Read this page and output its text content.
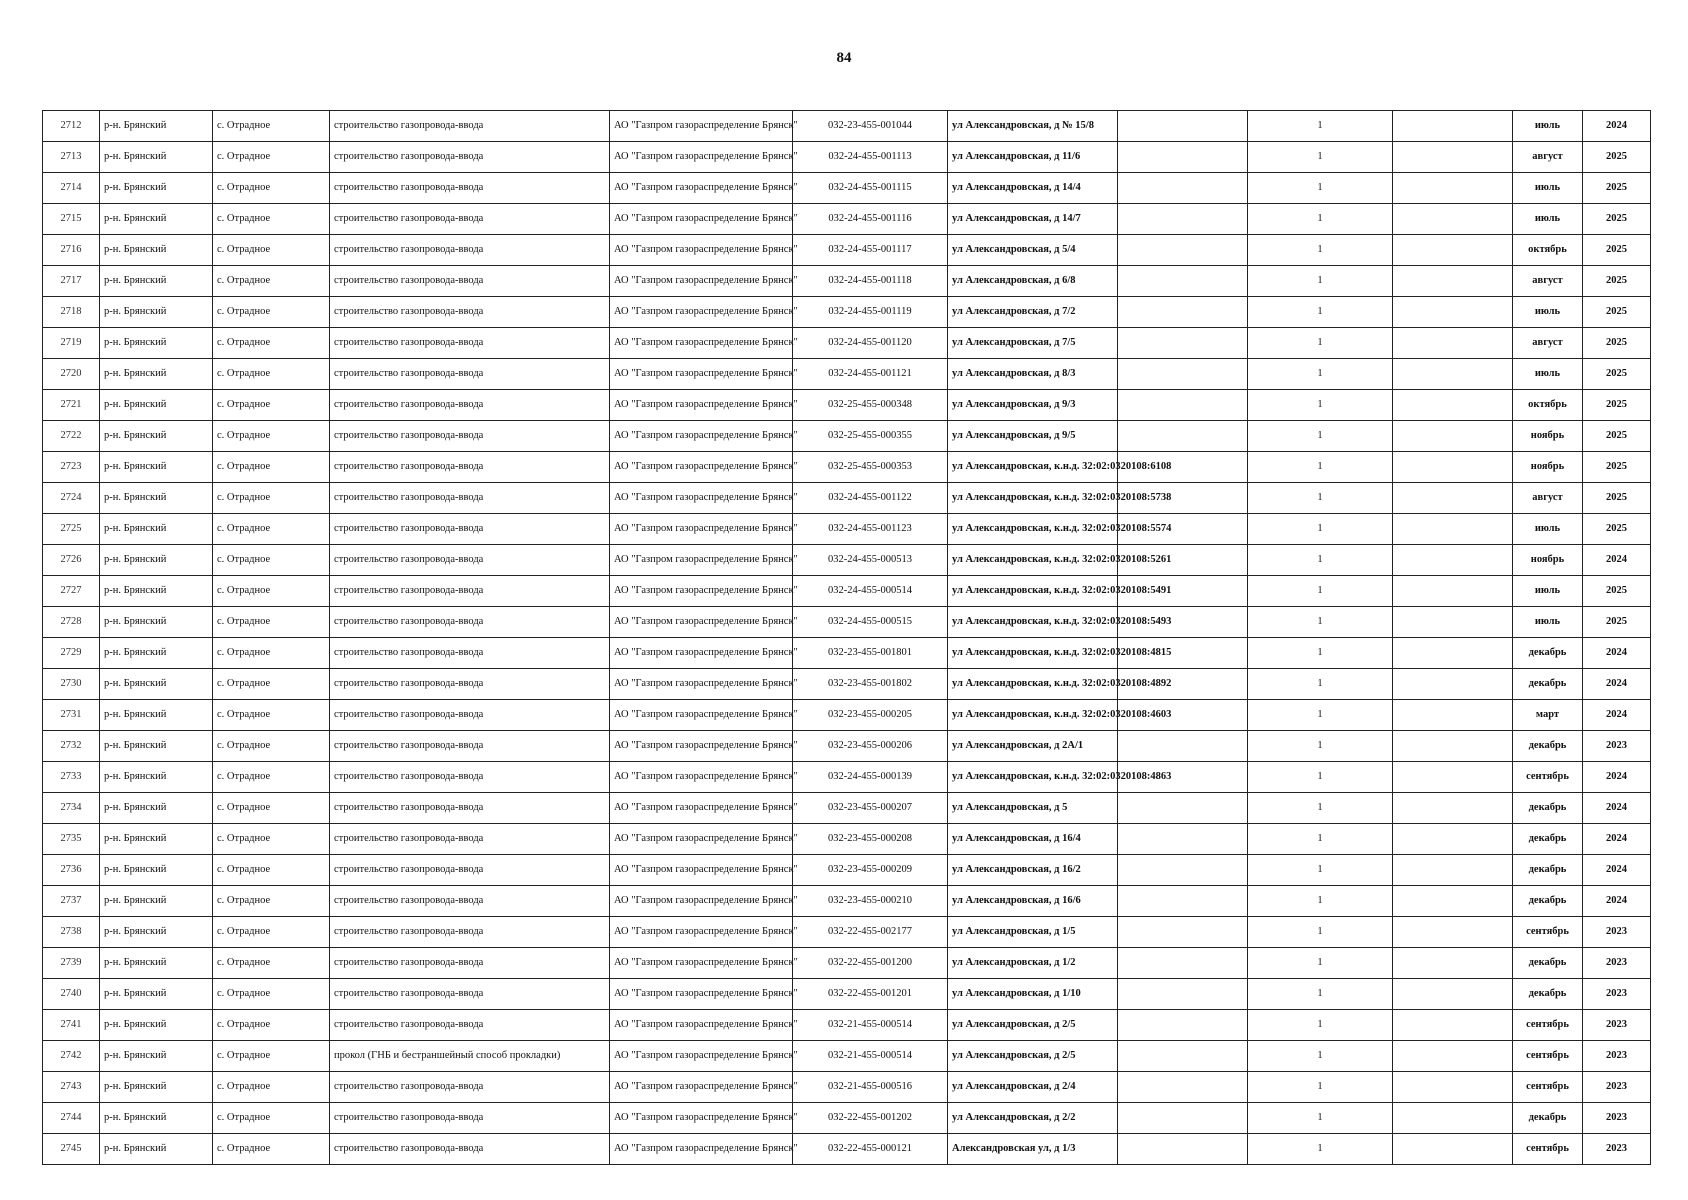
84
2712	р-н. Брянский	с. Отрадное	строительство газопровода-ввода	АО "Газпром газораспределение Брянск"	032-23-455-001044	ул Александровская, д № 15/8		1		июль	2024
2713	р-н. Брянский	с. Отрадное	строительство газопровода-ввода	АО "Газпром газораспределение Брянск"	032-24-455-001113	ул Александровская, д 11/6		1		август	2025
2714	р-н. Брянский	с. Отрадное	строительство газопровода-ввода	АО "Газпром газораспределение Брянск"	032-24-455-001115	ул Александровская, д 14/4		1		июль	2025
2715	р-н. Брянский	с. Отрадное	строительство газопровода-ввода	АО "Газпром газораспределение Брянск"	032-24-455-001116	ул Александровская, д 14/7		1		июль	2025
2716	р-н. Брянский	с. Отрадное	строительство газопровода-ввода	АО "Газпром газораспределение Брянск"	032-24-455-001117	ул Александровская, д 5/4		1		октябрь	2025
2717	р-н. Брянский	с. Отрадное	строительство газопровода-ввода	АО "Газпром газораспределение Брянск"	032-24-455-001118	ул Александровская, д 6/8		1		август	2025
2718	р-н. Брянский	с. Отрадное	строительство газопровода-ввода	АО "Газпром газораспределение Брянск"	032-24-455-001119	ул Александровская, д 7/2		1		июль	2025
2719	р-н. Брянский	с. Отрадное	строительство газопровода-ввода	АО "Газпром газораспределение Брянск"	032-24-455-001120	ул Александровская, д 7/5		1		август	2025
2720	р-н. Брянский	с. Отрадное	строительство газопровода-ввода	АО "Газпром газораспределение Брянск"	032-24-455-001121	ул Александровская, д 8/3		1		июль	2025
2721	р-н. Брянский	с. Отрадное	строительство газопровода-ввода	АО "Газпром газораспределение Брянск"	032-25-455-000348	ул Александровская, д 9/3		1		октябрь	2025
2722	р-н. Брянский	с. Отрадное	строительство газопровода-ввода	АО "Газпром газораспределение Брянск"	032-25-455-000355	ул Александровская, д 9/5		1		ноябрь	2025
2723	р-н. Брянский	с. Отрадное	строительство газопровода-ввода	АО "Газпром газораспределение Брянск"	032-25-455-000353	ул Александровская, к.н.д. 32:02:0320108:6108		1		ноябрь	2025
2724	р-н. Брянский	с. Отрадное	строительство газопровода-ввода	АО "Газпром газораспределение Брянск"	032-24-455-001122	ул Александровская, к.н.д. 32:02:0320108:5738		1		август	2025
2725	р-н. Брянский	с. Отрадное	строительство газопровода-ввода	АО "Газпром газораспределение Брянск"	032-24-455-001123	ул Александровская, к.н.д. 32:02:0320108:5574		1		июль	2025
2726	р-н. Брянский	с. Отрадное	строительство газопровода-ввода	АО "Газпром газораспределение Брянск"	032-24-455-000513	ул Александровская, к.н.д. 32:02:0320108:5261		1		ноябрь	2024
2727	р-н. Брянский	с. Отрадное	строительство газопровода-ввода	АО "Газпром газораспределение Брянск"	032-24-455-000514	ул Александровская, к.н.д. 32:02:0320108:5491		1		июль	2025
2728	р-н. Брянский	с. Отрадное	строительство газопровода-ввода	АО "Газпром газораспределение Брянск"	032-24-455-000515	ул Александровская, к.н.д. 32:02:0320108:5493		1		июль	2025
2729	р-н. Брянский	с. Отрадное	строительство газопровода-ввода	АО "Газпром газораспределение Брянск"	032-23-455-001801	ул Александровская, к.н.д. 32:02:0320108:4815		1		декабрь	2024
2730	р-н. Брянский	с. Отрадное	строительство газопровода-ввода	АО "Газпром газораспределение Брянск"	032-23-455-001802	ул Александровская, к.н.д. 32:02:0320108:4892		1		декабрь	2024
2731	р-н. Брянский	с. Отрадное	строительство газопровода-ввода	АО "Газпром газораспределение Брянск"	032-23-455-000205	ул Александровская, к.н.д. 32:02:0320108:4603		1		март	2024
2732	р-н. Брянский	с. Отрадное	строительство газопровода-ввода	АО "Газпром газораспределение Брянск"	032-23-455-000206	ул Александровская, д 2А/1		1		декабрь	2023
2733	р-н. Брянский	с. Отрадное	строительство газопровода-ввода	АО "Газпром газораспределение Брянск"	032-24-455-000139	ул Александровская, к.н.д. 32:02:0320108:4863		1		сентябрь	2024
2734	р-н. Брянский	с. Отрадное	строительство газопровода-ввода	АО "Газпром газораспределение Брянск"	032-23-455-000207	ул Александровская, д 5		1		декабрь	2024
2735	р-н. Брянский	с. Отрадное	строительство газопровода-ввода	АО "Газпром газораспределение Брянск"	032-23-455-000208	ул Александровская, д 16/4		1		декабрь	2024
2736	р-н. Брянский	с. Отрадное	строительство газопровода-ввода	АО "Газпром газораспределение Брянск"	032-23-455-000209	ул Александровская, д 16/2		1		декабрь	2024
2737	р-н. Брянский	с. Отрадное	строительство газопровода-ввода	АО "Газпром газораспределение Брянск"	032-23-455-000210	ул Александровская, д 16/6		1		декабрь	2024
2738	р-н. Брянский	с. Отрадное	строительство газопровода-ввода	АО "Газпром газораспределение Брянск"	032-22-455-002177	ул Александровская, д 1/5		1		сентябрь	2023
2739	р-н. Брянский	с. Отрадное	строительство газопровода-ввода	АО "Газпром газораспределение Брянск"	032-22-455-001200	ул Александровская, д 1/2		1		декабрь	2023
2740	р-н. Брянский	с. Отрадное	строительство газопровода-ввода	АО "Газпром газораспределение Брянск"	032-22-455-001201	ул Александровская, д 1/10		1		декабрь	2023
2741	р-н. Брянский	с. Отрадное	строительство газопровода-ввода	АО "Газпром газораспределение Брянск"	032-21-455-000514	ул Александровская, д 2/5		1		сентябрь	2023
2742	р-н. Брянский	с. Отрадное	прокол (ГНБ и бестраншейный способ прокладки)	АО "Газпром газораспределение Брянск"	032-21-455-000514	ул Александровская, д 2/5		1		сентябрь	2023
2743	р-н. Брянский	с. Отрадное	строительство газопровода-ввода	АО "Газпром газораспределение Брянск"	032-21-455-000516	ул Александровская, д 2/4		1		сентябрь	2023
2744	р-н. Брянский	с. Отрадное	строительство газопровода-ввода	АО "Газпром газораспределение Брянск"	032-22-455-001202	ул Александровская, д 2/2		1		декабрь	2023
2745	р-н. Брянский	с. Отрадное	строительство газопровода-ввода	АО "Газпром газораспределение Брянск"	032-22-455-000121	Александровская ул, д 1/3		1		сентябрь	2023
